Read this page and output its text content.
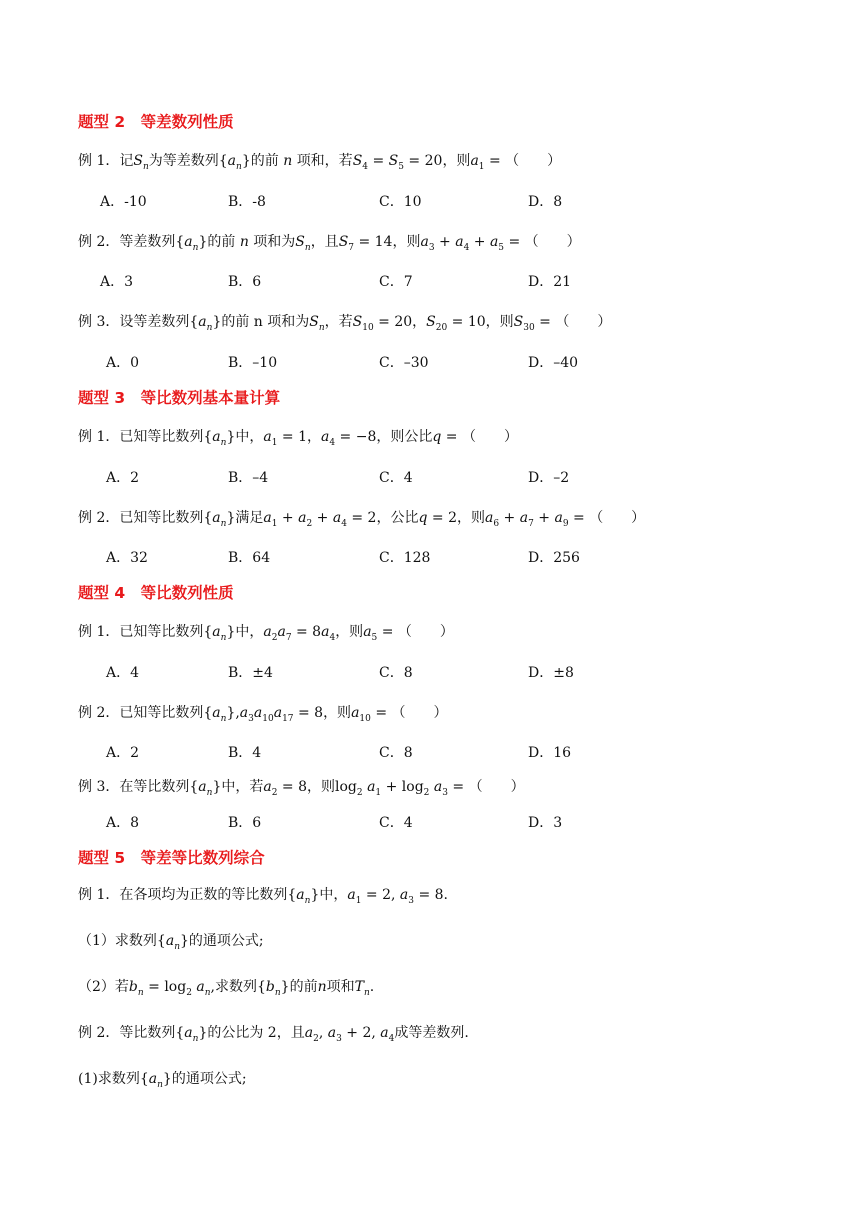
题型 2　等差数列性质
例 1．记$S_n$为等差数列$\{a_n\}$的前 n 项和，若$S_4 = S_5 = 20$，则$a_1$ = （　　）
A．-10	B．-8	C．10	D．8
例 2．等差数列$\{a_n\}$的前 n 项和为$S_n$，且$S_7 = 14$，则$a_3 + a_4 + a_5$ = （　　）
A．3	B．6	C．7	D．21
例 3．设等差数列$\{a_n\}$的前 n 项和为$S_n$，若$S_{10} = 20$，$S_{20} = 10$，则$S_{30}$ = （　　）
A．0	B．–10	C．–30	D．–40
题型 3　等比数列基本量计算
例 1．已知等比数列$\{a_n\}$中，$a_1 = 1$，$a_4 = -8$，则公比q = （　　）
A．2	B．–4	C．4	D．–2
例 2．已知等比数列$\{a_n\}$满足$a_1 + a_2 + a_4 = 2$，公比q = 2，则$a_6 + a_7 + a_9$ = （　　）
A．32	B．64	C．128	D．256
题型 4　等比数列性质
例 1．已知等比数列$\{a_n\}$中，$a_2a_7 = 8a_4$，则$a_5$ = （　　）
A．4	B．±4	C．8	D．±8
例 2．已知等比数列$\{a_n\},a_3a_{10}a_{17} = 8$，则$a_{10}$ = （　　）
A．2	B．4	C．8	D．16
例 3．在等比数列$\{a_n\}$中，若$a_2 = 8$，则$\log_2 a_1 + \log_2 a_3$ = （　　）
A．8	B．6	C．4	D．3
题型 5　等差等比数列综合
例 1．在各项均为正数的等比数列$\{a_n\}$中，$a_1 = 2$, $a_3 = 8$.
（1）求数列$\{a_n\}$的通项公式;
（2）若$b_n = \log_2 a_n$,求数列$\{b_n\}$的前n项和$T_n$.
例 2．等比数列$\{a_n\}$的公比为 2，且$a_2$, $a_3 + 2$, $a_4$成等差数列.
(1)求数列$\{a_n\}$的通项公式;
